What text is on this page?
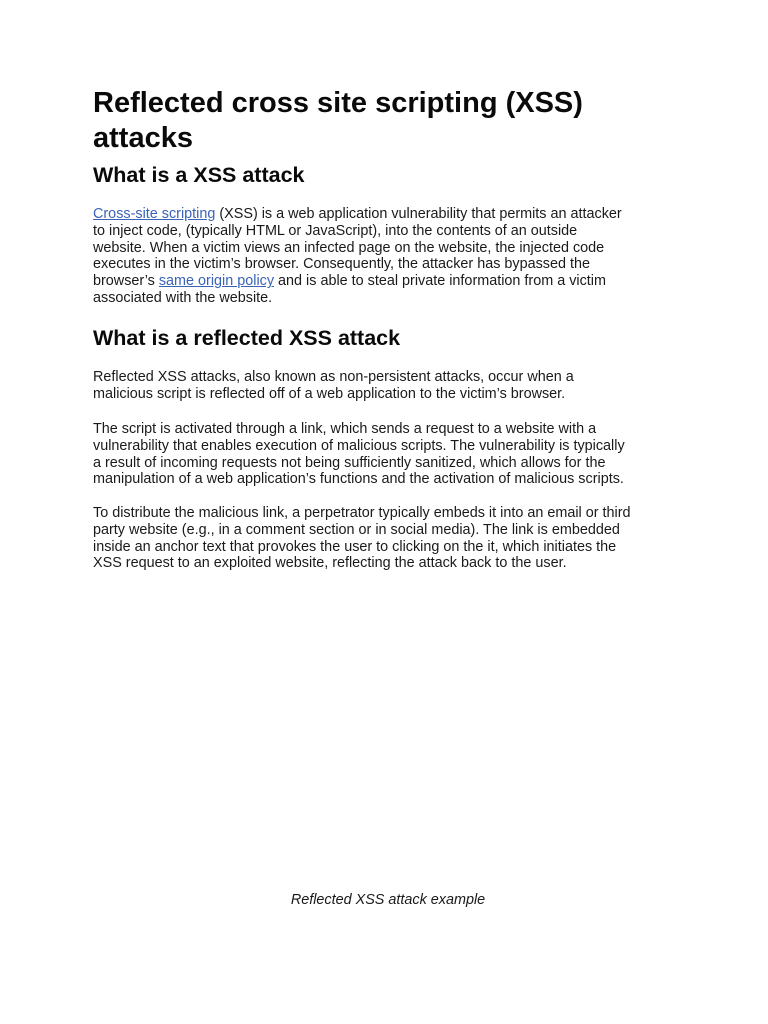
Reflected cross site scripting (XSS)
attacks
What is a XSS attack

Cross-site scripting (XSS) is a web application vulnerability that permits an attacker
to inject code, (typically HTML or JavaScript), into the contents of an outside
website. When a victim views an infected page on the website, the injected code
executes in the victim’s browser. Consequently, the attacker has bypassed the
browser’s same origin policy and is able to steal private information from a victim
associated with the website.

What is a reflected XSS attack

Reflected XSS attacks, also known as non-persistent attacks, occur when a
malicious script is reflected off of a web application to the victim’s browser.

The script is activated through a link, which sends a request to a website with a
vulnerability that enables execution of malicious scripts. The vulnerability is typically
a result of incoming requests not being sufficiently sanitized, which allows for the
manipulation of a web application’s functions and the activation of malicious scripts.

To distribute the malicious link, a perpetrator typically embeds it into an email or third
party website (e.g., in a comment section or in social media). The link is embedded
inside an anchor text that provokes the user to clicking on the it, which initiates the
XSS request to an exploited website, reflecting the attack back to the user.

Reflected XSS attack example
